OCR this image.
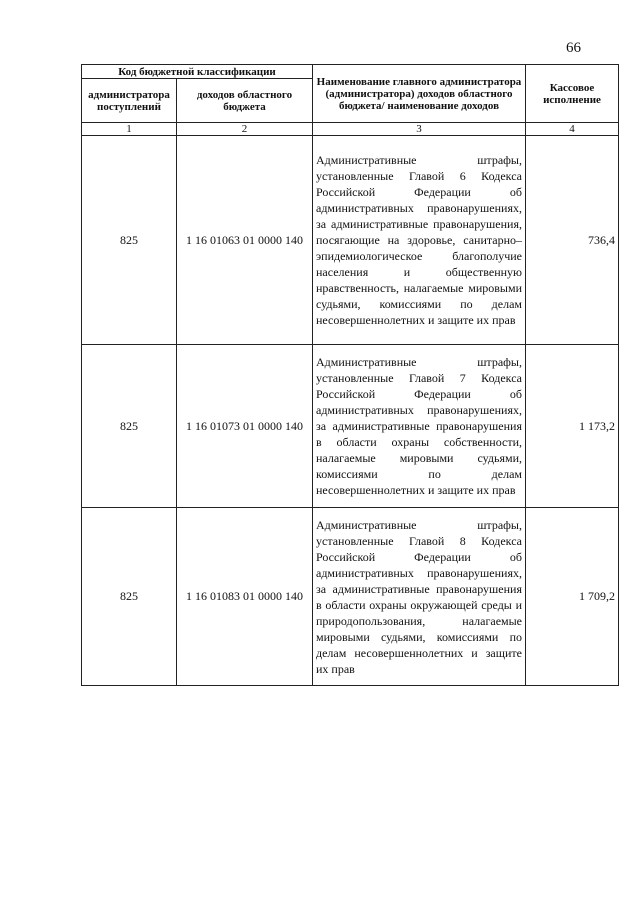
66
Код бюджетной классификации		Наименование главного администратора (администратора) доходов областного бюджета/ наименование доходов	Кассовое исполнение
администратора поступлений	доходов областного бюджета		
1	2	3	4
825	1 16 01063 01 0000 140	Административные штрафы, установленные Главой 6 Кодекса Российской Федерации об административных правонарушениях, за административные правонарушения, посягающие на здоровье, санитарно–эпидемиологическое благополучие населения и общественную нравственность, налагаемые мировыми судьями, комиссиями по делам несовершеннолетних и защите их прав	736,4
825	1 16 01073 01 0000 140	Административные штрафы, установленные Главой 7 Кодекса Российской Федерации об административных правонарушениях, за административные правонарушения в области охраны собственности, налагаемые мировыми судьями, комиссиями по делам несовершеннолетних и защите их прав	1 173,2
825	1 16 01083 01 0000 140	Административные штрафы, установленные Главой 8 Кодекса Российской Федерации об административных правонарушениях, за административные правонарушения в области охраны окружающей среды и природопользования, налагаемые мировыми судьями, комиссиями по делам несовершеннолетних и защите их прав	1 709,2
